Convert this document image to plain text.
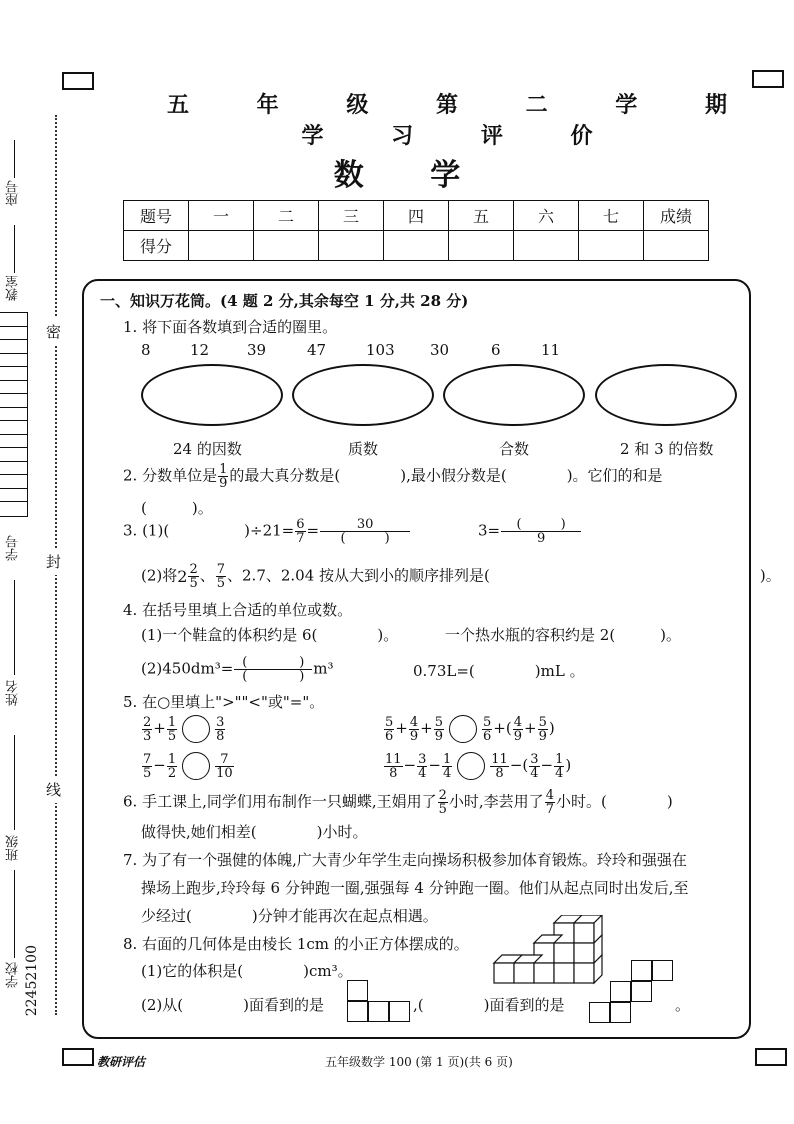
座号
教室
学号
姓名
班级
学校 22452100
密
封
线
五 年 级 第 二 学 期 学 习 评 价
数 学
题号	一	二	三	四	五	六	七	成绩
得分								
一、知识万花筒。(4 题 2 分,其余每空 1 分,共 28 分)
1. 将下面各数填到合适的圈里。
8	12	39	47	103 30	6	11
24 的因数	质数	合数	2 和 3 的倍数
2. 分数单位是 $\frac{1}{9}$ 的最大真分数是(　　　　),最小假分数是(　　　　)。它们的和是
(　　　)。
3. (1)(　　　　　)$\div 21= \frac{6}{7} = \frac{30}{( )}$	$3= \frac{( )}{9}$
(2)将$2 \frac{2}{5}$ 、 $\frac{7}{5}$ 、2.7、2.04 按从大到小的顺序排列是(　　　　　　　　　　　　　　　　　　)。
4. 在括号里填上合适的单位或数。
(1)一个鞋盒的体积约是 6(　　　　)。	一个热水瓶的容积约是 2(　　　)。
$(2)450dm^3= \frac{( )}{( )} m^3$	0.73L=(　　　　)mL 。
5. 在○里填上">""<"或"="。
$\frac{2}{3} + \frac{1}{5}$	$\frac{3}{8}$	$\frac{5}{6} + \frac{4}{9} + \frac{5}{9}$	$\frac{5}{6}$ +( $\frac{4}{9} + \frac{5}{9}$ )
$\frac{7}{5} - \frac{1}{2}$	$\frac{7}{10}$	$\frac{11}{8} - \frac{3}{4} - \frac{1}{4}$	$\frac{11}{8}$ −( $\frac{3}{4} - \frac{1}{4}$ )
6. 手工课上,同学们用布制作一只蝴蝶,王娟用了 $\frac{2}{5}$ 小时,李芸用了 $\frac{4}{7}$ 小时。(　　　　)
做得快,她们相差(　　　　)小时。
7. 为了有一个强健的体魄,广大青少年学生走向操场积极参加体育锻炼。玲玲和强强在
操场上跑步,玲玲每 6 分钟跑一圈,强强每 4 分钟跑一圈。他们从起点同时出发后,至
少经过(　　　　)分钟才能再次在起点相遇。
8. 右面的几何体是由棱长 1cm 的小正方体摆成的。
(1)它的体积是(　　　　)cm³。
(2)从(　　　　)面看到的是	,(　　　　)面看到的是	。
教研评估	五年级数学 100 (第 1 页)(共 6 页)
